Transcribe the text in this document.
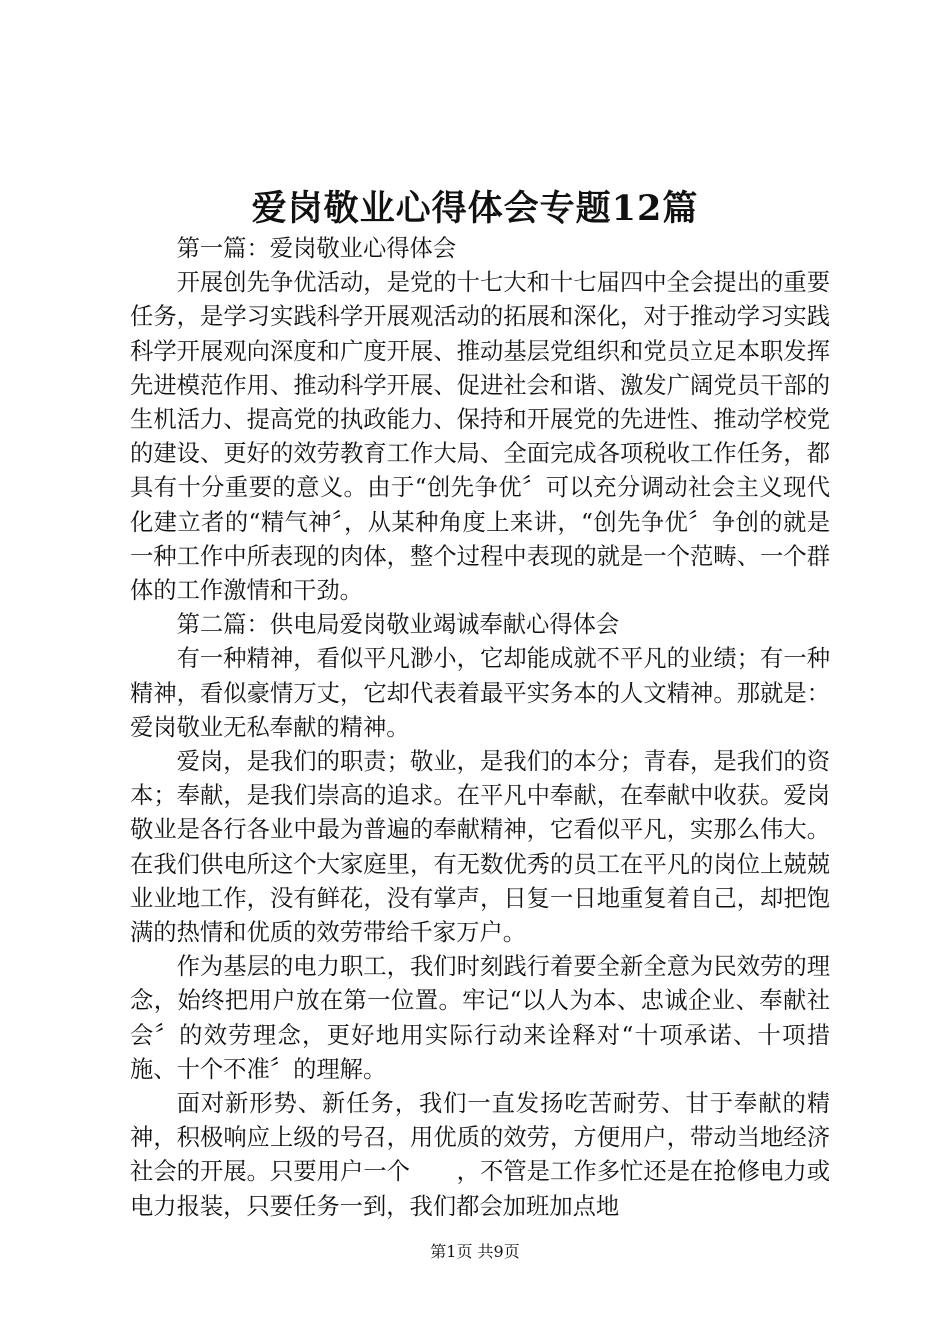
爱岗敬业心得体会专题12篇

第一篇：爱岗敬业心得体会

开展创先争优活动，是党的十七大和十七届四中全会提出的重要任务，是学习实践科学开展观活动的拓展和深化，对于推动学习实践科学开展观向深度和广度开展、推动基层党组织和党员立足本职发挥先进模范作用、推动科学开展、促进社会和谐、激发广阔党员干部的生机活力、提高党的执政能力、保持和开展党的先进性、推动学校党的建设、更好的效劳教育工作大局、全面完成各项税收工作任务，都具有十分重要的意义。由于“创先争优〞可以充分调动社会主义现代化建立者的“精气神〞，从某种角度上来讲，“创先争优〞争创的就是一种工作中所表现的肉体，整个过程中表现的就是一个范畴、一个群体的工作激情和干劲。

第二篇：供电局爱岗敬业竭诚奉献心得体会

有一种精神，看似平凡渺小，它却能成就不平凡的业绩；有一种精神，看似豪情万丈，它却代表着最平实务本的人文精神。那就是：爱岗敬业无私奉献的精神。

爱岗，是我们的职责；敬业，是我们的本分；青春，是我们的资本；奉献，是我们崇高的追求。在平凡中奉献，在奉献中收获。爱岗敬业是各行各业中最为普遍的奉献精神，它看似平凡，实那么伟大。在我们供电所这个大家庭里，有无数优秀的员工在平凡的岗位上兢兢业业地工作，没有鲜花，没有掌声，日复一日地重复着自己，却把饱满的热情和优质的效劳带给千家万户。

作为基层的电力职工，我们时刻践行着要全新全意为民效劳的理念，始终把用户放在第一位置。牢记“以人为本、忠诚企业、奉献社会〞的效劳理念，更好地用实际行动来诠释对“十项承诺、十项措施、十个不准〞的理解。

面对新形势、新任务，我们一直发扬吃苦耐劳、甘于奉献的精神，积极响应上级的号召，用优质的效劳，方便用户，带动当地经济社会的开展。只要用户一个　　，不管是工作多忙还是在抢修电力或电力报装，只要任务一到，我们都会加班加点地

第1页 共9页
